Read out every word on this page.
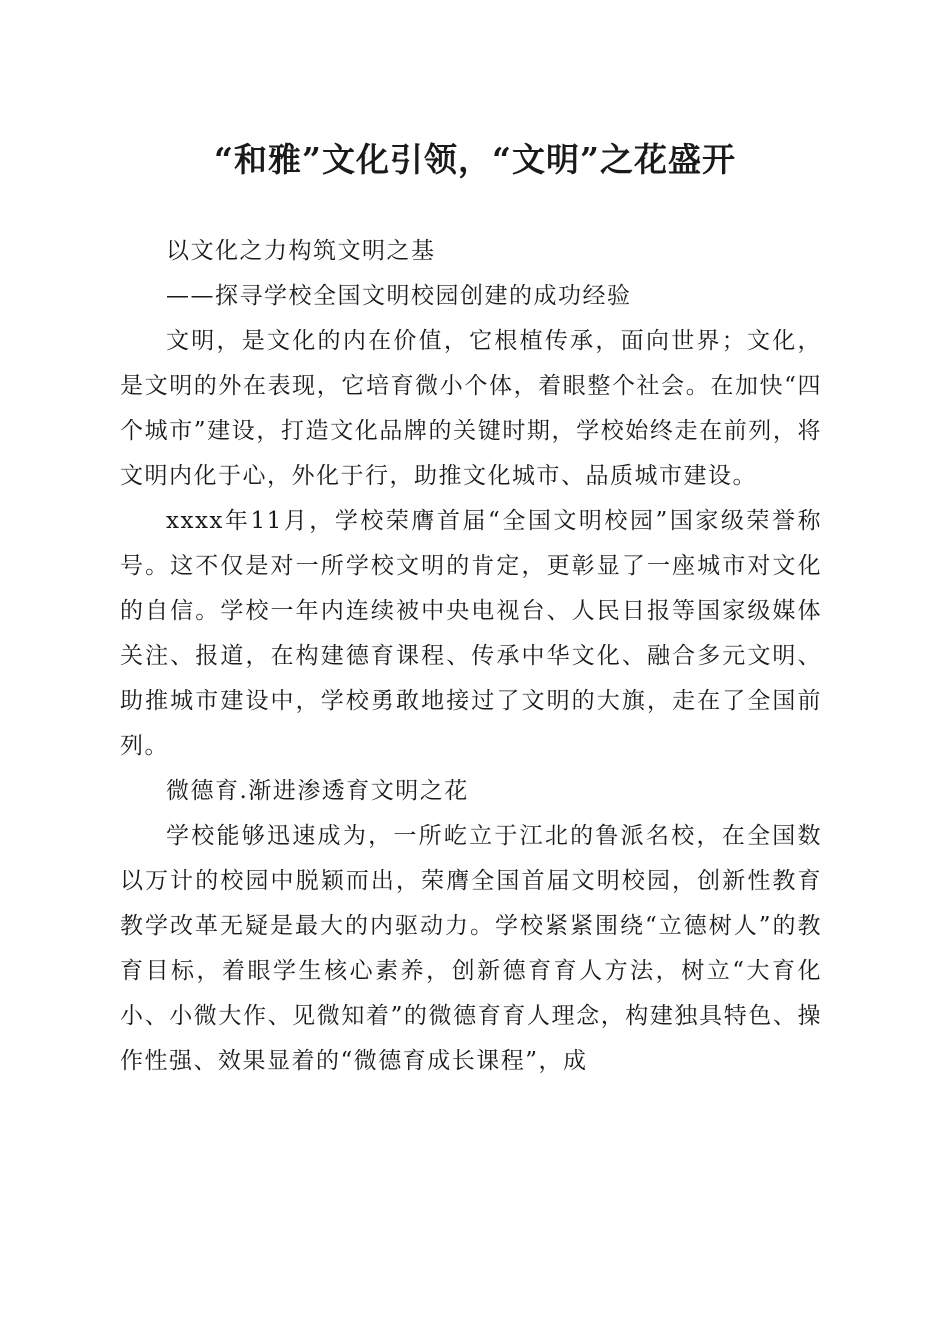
“和雅”文化引领，“文明”之花盛开

以文化之力构筑文明之基

——探寻学校全国文明校园创建的成功经验

文明，是文化的内在价值，它根植传承，面向世界；文化，是文明的外在表现，它培育微小个体，着眼整个社会。在加快“四个城市”建设，打造文化品牌的关键时期，学校始终走在前列，将文明内化于心，外化于行，助推文化城市、品质城市建设。

xxxx年11月，学校荣膺首届“全国文明校园”国家级荣誉称号。这不仅是对一所学校文明的肯定，更彰显了一座城市对文化的自信。学校一年内连续被中央电视台、人民日报等国家级媒体关注、报道，在构建德育课程、传承中华文化、融合多元文明、助推城市建设中，学校勇敢地接过了文明的大旗，走在了全国前列。

微德育.渐进渗透育文明之花

学校能够迅速成为，一所屹立于江北的鲁派名校，在全国数以万计的校园中脱颖而出，荣膺全国首届文明校园，创新性教育教学改革无疑是最大的内驱动力。学校紧紧围绕“立德树人”的教育目标，着眼学生核心素养，创新德育育人方法，树立“大育化小、小微大作、见微知着”的微德育育人理念，构建独具特色、操作性强、效果显着的“微德育成长课程”，成
